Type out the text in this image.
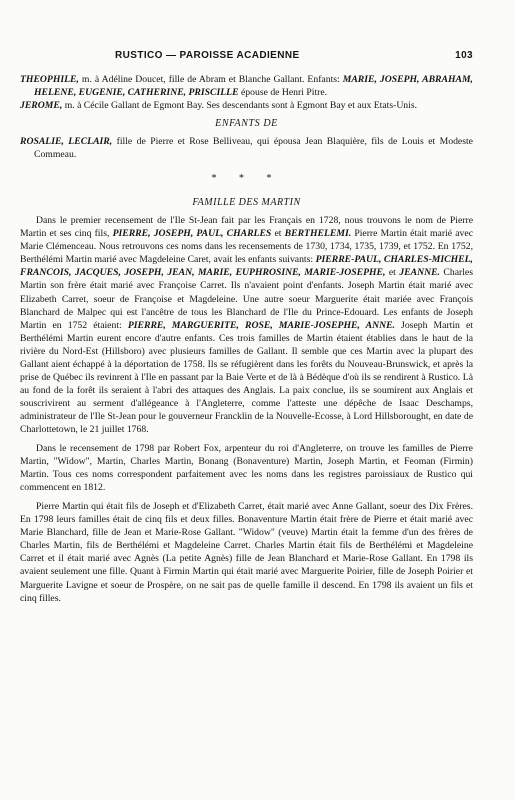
RUSTICO — PAROISSE ACADIENNE	103

THEOPHILE, m. à Adéline Doucet, fille de Abram et Blanche Gallant. Enfants: MARIE, JOSEPH, ABRAHAM, HELENE, EUGENIE, CATHERINE, PRISCILLE épouse de Henri Pitre.

JEROME, m. à Cécile Gallant de Egmont Bay. Ses descendants sont à Egmont Bay et aux Etats-Unis.

ENFANTS DE

ROSALIE, LECLAIR, fille de Pierre et Rose Belliveau, qui épousa Jean Blaquière, fils de Louis et Modeste Commeau.

* * *
FAMILLE DES MARTIN

Dans le premier recensement de l'Ile St-Jean fait par les Français en 1728, nous trouvons le nom de Pierre Martin et ses cinq fils, PIERRE, JOSEPH, PAUL, CHARLES et BERTHELEMI. Pierre Martin était marié avec Marie Clémenceau. Nous retrouvons ces noms dans les recensements de 1730, 1734, 1735, 1739, et 1752. En 1752, Berthélémi Martin marié avec Magdeleine Caret, avait les enfants suivants: PIERRE-PAUL, CHARLES-MICHEL, FRANCOIS, JACQUES, JOSEPH, JEAN, MARIE, EUPHROSINE, MARIE-JOSEPHE, et JEANNE. Charles Martin son frère était marié avec Françoise Carret. Ils n'avaient point d'enfants. Joseph Martin était marié avec Elizabeth Carret, soeur de Françoise et Magdeleine. Une autre soeur Marguerite était mariée avec François Blanchard de Malpec qui est l'ancêtre de tous les Blanchard de l'Ile du Prince-Edouard. Les enfants de Joseph Martin en 1752 étaient: PIERRE, MARGUERITE, ROSE, MARIE-JOSEPHE, ANNE. Joseph Martin et Berthélémi Martin eurent encore d'autre enfants. Ces trois familles de Martin étaient établies dans le haut de la rivière du Nord-Est (Hillsboro) avec plusieurs familles de Gallant. Il semble que ces Martin avec la plupart des Gallant aient échappé à la déportation de 1758. Ils se réfugièrent dans les forêts du Nouveau-Brunswick, et après la prise de Québec ils revinrent à l'Ile en passant par la Baie Verte et de là à Bédèque d'où ils se rendirent à Rustico. Là au fond de la forêt ils seraient à l'abri des attaques des Anglais. La paix conclue, ils se soumirent aux Anglais et souscrivirent au serment d'allégeance à l'Angleterre, comme l'atteste une dépêche de Isaac Deschamps, administrateur de l'Ile St-Jean pour le gouverneur Francklin de la Nouvelle-Ecosse, à Lord Hillsborought, en date de Charlottetown, le 21 juillet 1768.

Dans le recensement de 1798 par Robert Fox, arpenteur du roi d'Angleterre, on trouve les familles de Pierre Martin, "Widow", Martin, Charles Martin, Bonang (Bonaventure) Martin, Joseph Martin, et Feoman (Firmin) Martin. Tous ces noms correspondent parfaitement avec les noms dans les registres paroissiaux de Rustico qui commencent en 1812.

Pierre Martin qui était fils de Joseph et d'Elizabeth Carret, était marié avec Anne Gallant, soeur des Dix Frères. En 1798 leurs familles était de cinq fils et deux filles. Bonaventure Martin était frère de Pierre et était marié avec Marie Blanchard, fille de Jean et Marie-Rose Gallant. "Widow" (veuve) Martin était la femme d'un des frères de Charles Martin, fils de Berthélémi et Magdeleine Carret. Charles Martin était fils de Berthélémi et Magdeleine Carret et il était marié avec Agnès (La petite Agnès) fille de Jean Blanchard et Marie-Rose Gallant. En 1798 ils avaient seulement une fille. Quant à Firmin Martin qui était marié avec Marguerite Poirier, fille de Joseph Poirier et Marguerite Lavigne et soeur de Prospère, on ne sait pas de quelle famille il descend. En 1798 ils avaient un fils et cinq filles.
